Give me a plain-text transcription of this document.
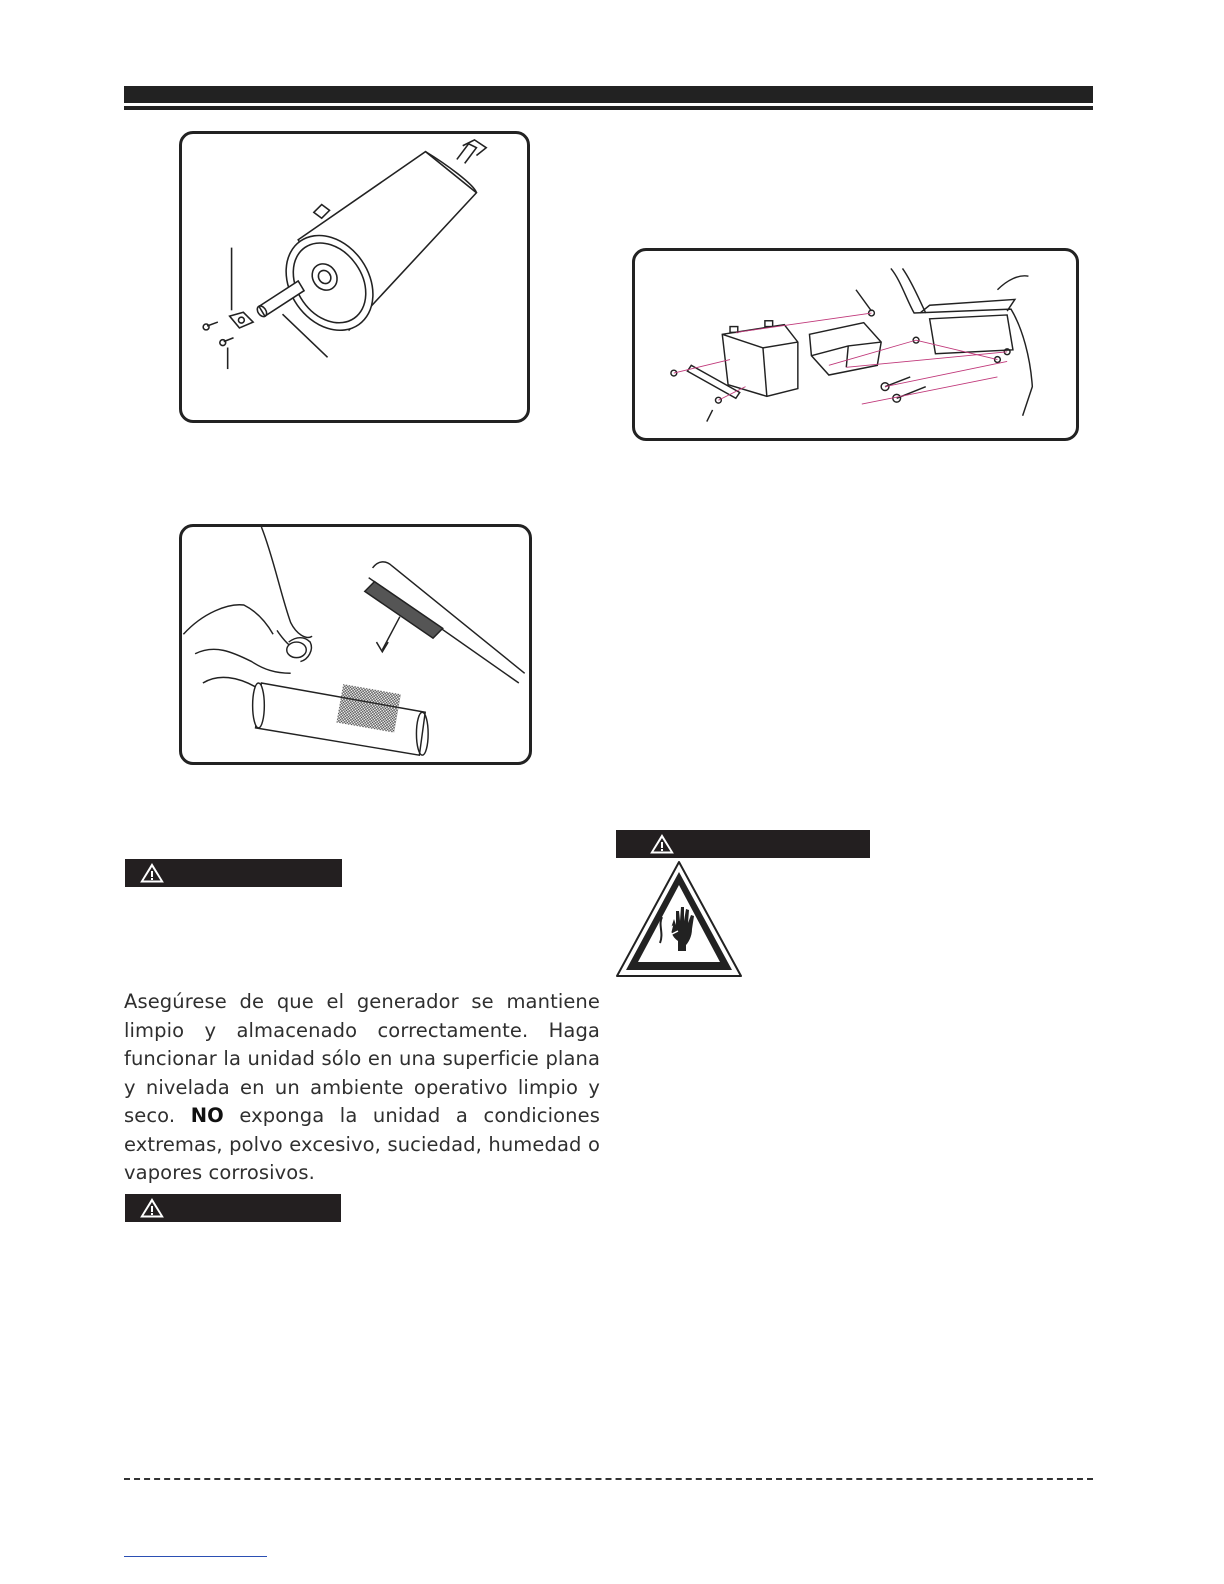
Asegúrese de que el generador se mantiene limpio y almacenado correctamente. Haga funcionar la unidad sólo en una superficie plana y nivelada en un ambiente operativo limpio y seco. NO exponga la unidad a condiciones extremas, polvo excesivo, suciedad, humedad o vapores corrosivos.
